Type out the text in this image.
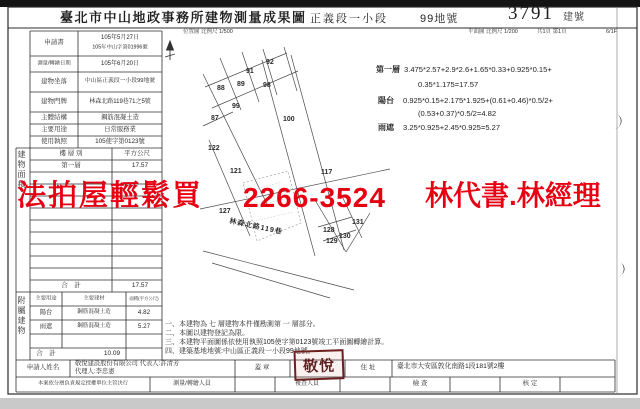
臺北市中山地政事務所建物測量成果圖 正義段一小段	99地號	3791 建號
位置圖 比例尺 1/500	平面圖 比例尺 1/200	共1頁 第1頁	6/1F
申請書
105年5月27日
105年中山字第01996號
測量/轉繪日期	105年6月20日
建物坐落	中山區正義段一小段99地號
建物門牌	林森北路119巷71之5號
主體結構	鋼筋混凝土造
主要用途	日常服務業
使用執照	105使字第0123號
建物面積	樓 層 別	平方公尺
第一層	17.57
合　計	17.57
附屬建物 主要用途	主要建材	面積(平方公尺)
陽台	鋼筋混凝土造	4.82
雨遮	鋼筋混凝土造	5.27
合　計	10.09
申請人姓名
敬悅建設股份有限公司 代表人:許清芳
代理人:李忠憲
蓋 章 敬悅	住 址	臺北市大安區敦化南路1段181號2樓
本案依分層負責規定授權單位主管決行	測量/轉繪人員	複查人員	檢 查	核 定
一、本建物為 七 層建物本件僅勘測第 一 層部分。
二、本圖以建物登記為限。
三、本建物平面圖係依使用執照105使字第0123號竣工平面圖轉繪計算。
四、建築基地地號:中山區正義段一小段99地號。
第一層 3.475*2.57+2.9*2.6+1.65*0.33+0.925*0.15+
0.35*1.175=17.57
陽台 0.925*0.15+2.175*1.925+(0.61+0.46)*0.5/2+
(0.53+0.37)*0.5/2=4.82
雨遮 3.25*0.925+2.45*0.925=5.27
92
91
89
88	98
99
87	100
122
121
127
117
131
128
130
129
林森北路119巷
法拍屋輕鬆買 2266-3524 林代書.林經理
